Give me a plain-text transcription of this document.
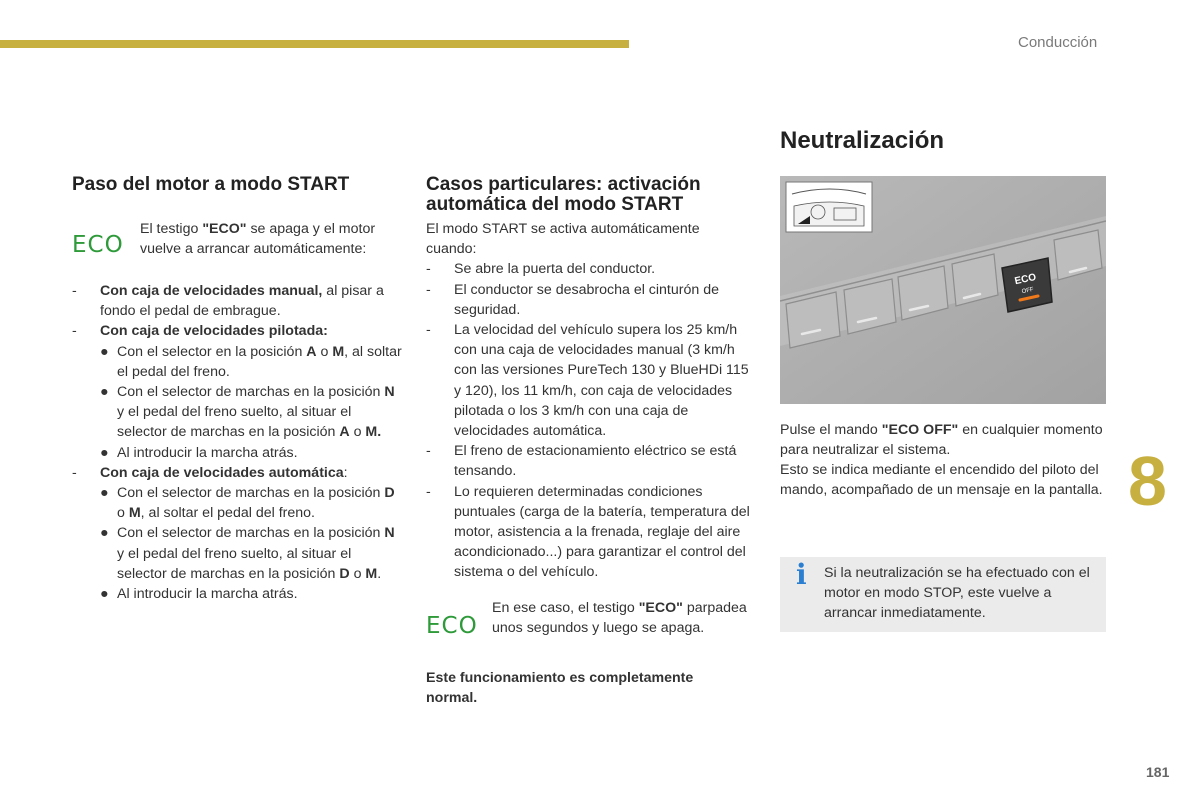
Conducción
Paso del motor a modo START
ECO

El testigo "ECO" se apaga y el motor vuelve a arrancar automáticamente:

- Con caja de velocidades manual, al pisar a fondo el pedal de embrague.
- Con caja de velocidades pilotada:
● Con el selector en la posición A o M, al soltar el pedal del freno.
● Con el selector de marchas en la posición N y el pedal del freno suelto, al situar el selector de marchas en la posición A o M.
● Al introducir la marcha atrás.
- Con caja de velocidades automática:
● Con el selector de marchas en la posición D o M, al soltar el pedal del freno.
● Con el selector de marchas en la posición N y el pedal del freno suelto, al situar el selector de marchas en la posición D o M.
● Al introducir la marcha atrás.
Casos particulares: activación
automática del modo START

El modo START se activa automáticamente cuando:

- Se abre la puerta del conductor.
- El conductor se desabrocha el cinturón de seguridad.
- La velocidad del vehículo supera los 25 km/h con una caja de velocidades manual (3 km/h con las versiones PureTech 130 y BlueHDi 115 y 120), los 11 km/h, con caja de velocidades pilotada o los 3 km/h con una caja de velocidades automática.
- El freno de estacionamiento eléctrico se está tensando.
- Lo requieren determinadas condiciones puntuales (carga de la batería, temperatura del motor, asistencia a la frenada, reglaje del aire acondicionado...) para garantizar el control del sistema o del vehículo.
ECO

En ese caso, el testigo "ECO" parpadea unos segundos y luego se apaga.

Este funcionamiento es completamente normal.

Neutralización
ECO
OFF

Pulse el mando "ECO OFF" en cualquier momento para neutralizar el sistema.

Esto se indica mediante el encendido del piloto del mando, acompañado de un mensaje en la pantalla.

i Si la neutralización se ha efectuado con el motor en modo STOP, este vuelve a arrancar inmediatamente.

8
181
